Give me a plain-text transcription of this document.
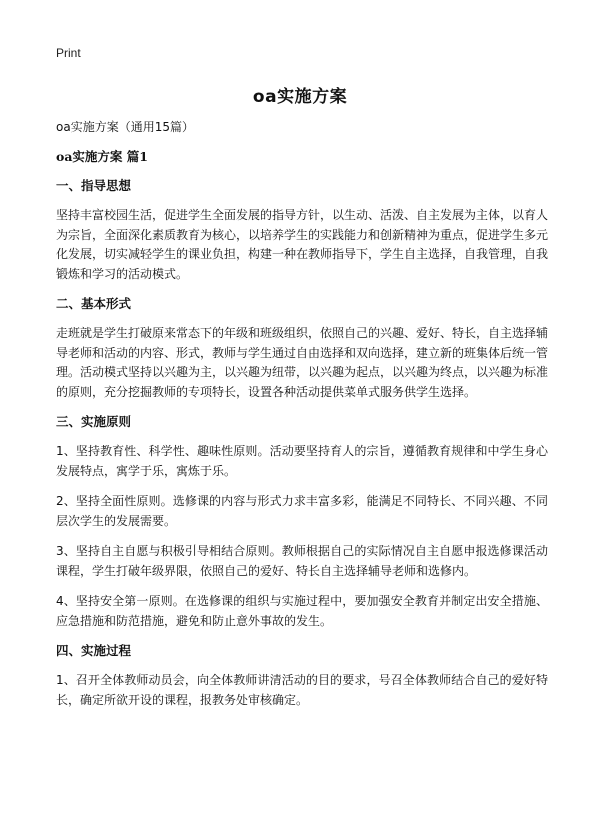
Print
oa实施方案
oa实施方案（通用15篇）
oa实施方案 篇1
一、指导思想
坚持丰富校园生活，促进学生全面发展的指导方针，以生动、活泼、自主发展为主体，以育人为宗旨，全面深化素质教育为核心，以培养学生的实践能力和创新精神为重点，促进学生多元化发展，切实减轻学生的课业负担，构建一种在教师指导下，学生自主选择，自我管理，自我锻炼和学习的活动模式。
二、基本形式
走班就是学生打破原来常态下的年级和班级组织，依照自己的兴趣、爱好、特长，自主选择辅导老师和活动的内容、形式，教师与学生通过自由选择和双向选择，建立新的班集体后统一管理。活动模式坚持以兴趣为主，以兴趣为纽带，以兴趣为起点，以兴趣为终点，以兴趣为标准的原则，充分挖掘教师的专项特长，设置各种活动提供菜单式服务供学生选择。
三、实施原则
1、坚持教育性、科学性、趣味性原则。活动要坚持育人的宗旨，遵循教育规律和中学生身心发展特点，寓学于乐，寓炼于乐。
2、坚持全面性原则。选修课的内容与形式力求丰富多彩，能满足不同特长、不同兴趣、不同层次学生的发展需要。
3、坚持自主自愿与积极引导相结合原则。教师根据自己的实际情况自主自愿申报选修课活动课程，学生打破年级界限，依照自己的爱好、特长自主选择辅导老师和选修内。
4、坚持安全第一原则。在选修课的组织与实施过程中，要加强安全教育并制定出安全措施、应急措施和防范措施，避免和防止意外事故的发生。
四、实施过程
1、召开全体教师动员会，向全体教师讲清活动的目的要求，号召全体教师结合自己的爱好特长，确定所欲开设的课程，报教务处审核确定。
